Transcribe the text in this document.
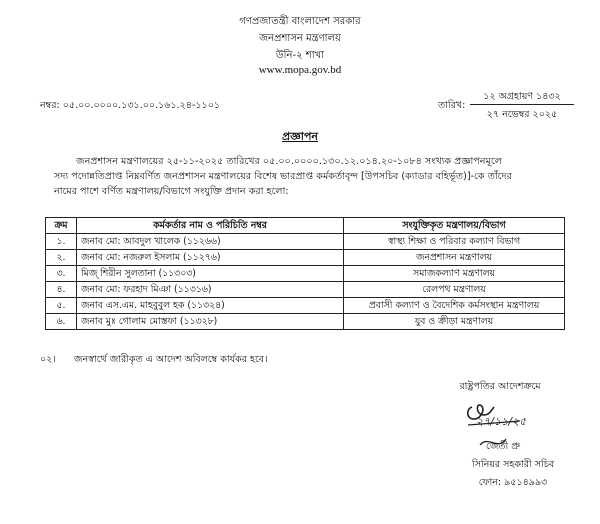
গণপ্রজাতন্ত্রী বাংলাদেশ সরকার
জনপ্রশাসন মন্ত্রণালয়
উনি-২ শাখা
www.mopa.gov.bd
নম্বর: ০৫.০০.০০০০.১৩১.০০.১৬১.২৪-১১০১	তারিখ:
১২ অগ্রহায়ণ ১৪৩২
২৭ নভেম্বর ২০২৫
প্রজ্ঞাপন
জনপ্রশাসন মন্ত্রণালয়ের ২৫-১১-২০২৫ তারিখের ০৫.০০.০০০০.১৩০.১২.০১৪.২০-১০৮৪ সংখ্যক প্রজ্ঞাপনমূলে
সদ্য পদোন্নতিপ্রাপ্ত নিম্নবর্ণিত জনপ্রশাসন মন্ত্রণালয়ের বিশেষ ভারপ্রাপ্ত কর্মকর্তাবৃন্দ [উপসচিব (ক্যাডার বহির্ভূত)]-কে তাঁদের
নামের পাশে বর্ণিত মন্ত্রণালয়/বিভাগে সংযুক্তি প্রদান করা হলো:
ক্রম	কর্মকর্তার নাম ও পরিচিতি নম্বর	সংযুক্তিকৃত মন্ত্রণালয়/বিভাগ
১.	জনাব মো: আবদুল খালেক (১১২৬৬)	স্বাস্থ্য শিক্ষা ও পরিবার কল্যাণ বিভাগ
২.	জনাব মো: নজরুল ইসলাম (১১২৭৬)	জনপ্রশাসন মন্ত্রণালয়
৩.	মিজ্ শিরীন সুলতানা (১১৩০৩)	সমাজকল্যাণ মন্ত্রণালয়
৪.	জনাব মো: ফরহাদ মিঞা (১১৩১৬)	রেলপথ মন্ত্রণালয়
৫.	জনাব এস.এম. মাহবুবুল হক (১১৩২৪)	প্রবাসী কল্যাণ ও বৈদেশিক কর্মসংস্থান মন্ত্রণালয়
৬.	জনাব মুঃ গোলাম মোস্তফা (১১৩২৮)	যুব ও ক্রীড়া মন্ত্রণালয়
০২। জনস্বার্থে জারীকৃত এ আদেশ অবিলম্বে কার্যকর হবে।
রাষ্ট্রপতির আদেশক্রমে
২৭/১১/২৫
জেতী প্রু
সিনিয়র সহকারী সচিব
ফোন: ৯৫১৪৯৯৩
